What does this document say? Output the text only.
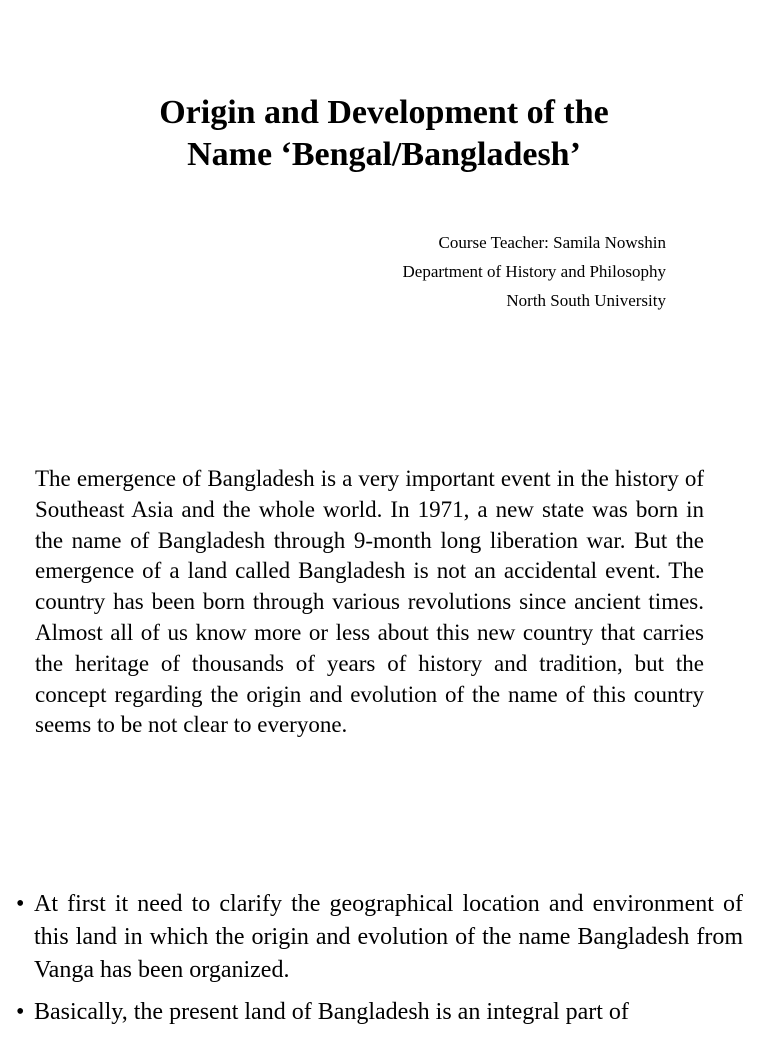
Origin and Development of the
Name ‘Bengal/Bangladesh’
Course Teacher: Samila Nowshin
Department of History and Philosophy
North South University

The emergence of Bangladesh is a very important event in the history of Southeast Asia and the whole world. In 1971, a new state was born in the name of Bangladesh through 9-month long liberation war. But the emergence of a land called Bangladesh is not an accidental event. The country has been born through various revolutions since ancient times. Almost all of us know more or less about this new country that carries the heritage of thousands of years of history and tradition, but the concept regarding the origin and evolution of the name of this country seems to be not clear to everyone.

• At first it need to clarify the geographical location and environment of this land in which the origin and evolution of the name Bangladesh from Vanga has been organized.
• Basically, the present land of Bangladesh is an integral part of
